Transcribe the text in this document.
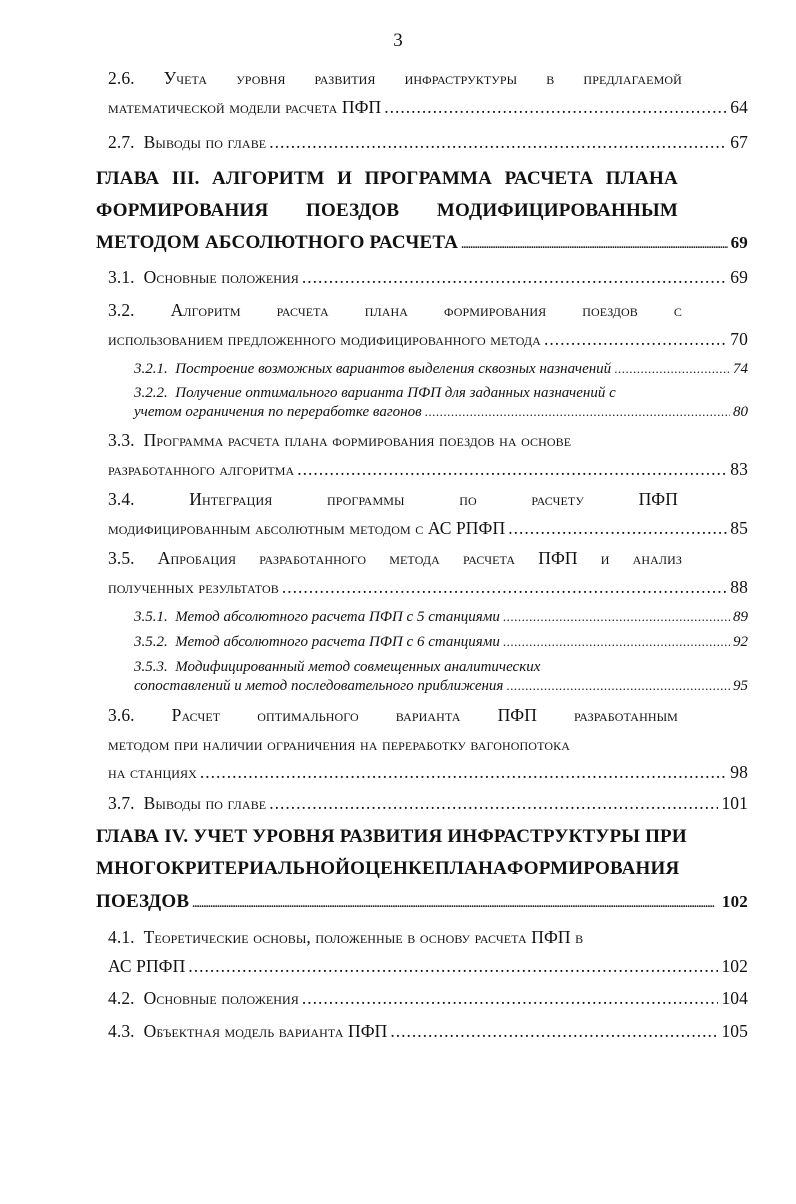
3
2.6. Учета уровня развития инфраструктуры в предлагаемой
математической модели расчета ПФП .....	64
2.7.
Выводы по главе .....	67
ГЛАВА III. АЛГОРИТМ И ПРОГРАММА РАСЧЕТА ПЛАНА
ФОРМИРОВАНИЯ ПОЕЗДОВ МОДИФИЦИРОВАННЫМ
МЕТОДОМ АБСОЛЮТНОГО РАСЧЕТА .....	69
3.1.
Основные положения .....	69
3.2. Алгоритм расчета плана формирования поездов с
использованием предложенного модифицированного метода .....	70
3.2.1.
Построение возможных вариантов выделения сквозных назначений .....	74
3.2.2.
Получение оптимального варианта ПФП для заданных назначений с
учетом ограничения по переработке вагонов .....	80
3.3.
Программа расчета плана формирования поездов на основе
разработанного алгоритма .....	83
3.4.	Интеграция	программы	по	расчету	ПФП
модифицированным абсолютным методом с АС РПФП .....	85
3.5. Апробация разработанного метода расчета ПФП и анализ
полученных результатов .....	88
3.5.1.
Метод абсолютного расчета ПФП с 5 станциями .....	89
3.5.2.
Метод абсолютного расчета ПФП с 6 станциями .....	92
3.5.3.
Модифицированный метод совмещенных аналитических
сопоставлений и метод последовательного приближения .....	95
3.6. Расчет оптимального варианта ПФП разработанным
методом при наличии ограничения на переработку вагонопотока
на станциях .....	98
3.7.
Выводы по главе .....	101
ГЛАВА IV. УЧЕТ УРОВНЯ РАЗВИТИЯ ИНФРАСТРУКТУРЫ ПРИ
МНОГОКРИТЕРИАЛЬНОЙ ОЦЕНКЕ ПЛАНА ФОРМИРОВАНИЯ
ПОЕЗДОВ .....	102
4.1.
Теоретические основы, положенные в основу расчета ПФП в
АС РПФП .....	102
4.2.
Основные положения .....	104
4.3.
Объектная модель варианта ПФП .....	105
